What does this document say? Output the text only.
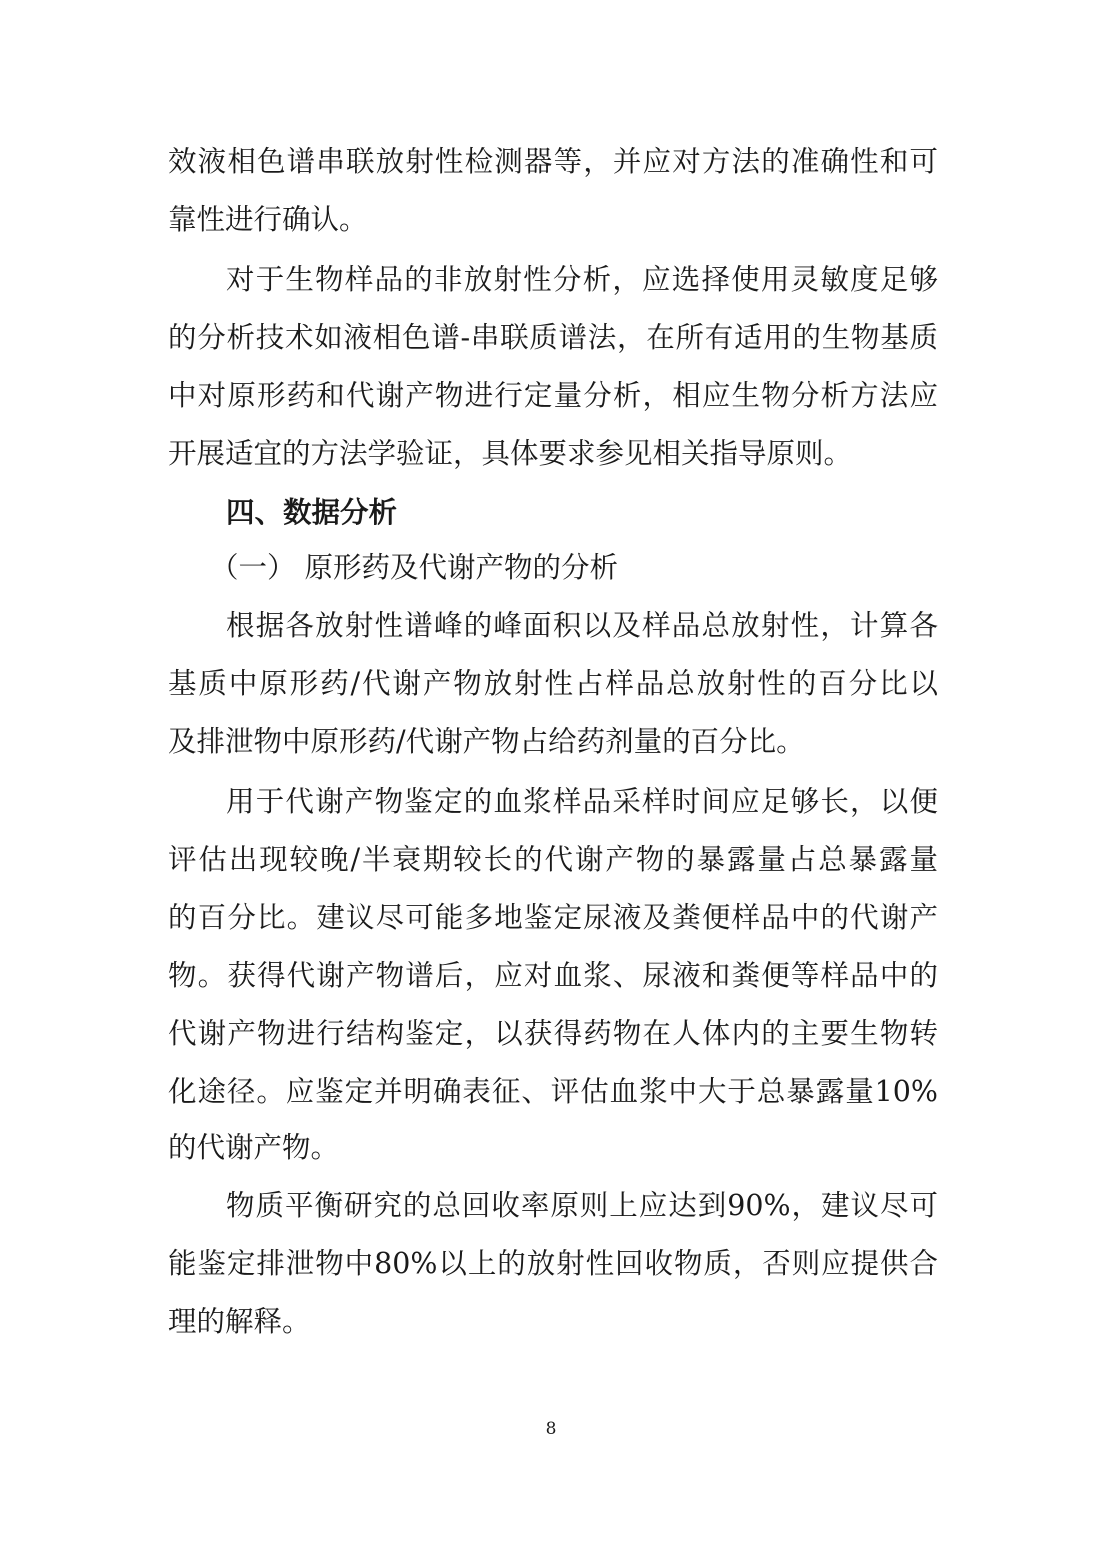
效液相色谱串联放射性检测器等，并应对方法的准确性和可
靠性进行确认。
对于生物样品的非放射性分析，应选择使用灵敏度足够
的分析技术如液相色谱-串联质谱法，在所有适用的生物基质
中对原形药和代谢产物进行定量分析，相应生物分析方法应
开展适宜的方法学验证，具体要求参见相关指导原则。
四、数据分析
（一） 原形药及代谢产物的分析
根据各放射性谱峰的峰面积以及样品总放射性，计算各
基质中原形药/代谢产物放射性占样品总放射性的百分比以
及排泄物中原形药/代谢产物占给药剂量的百分比。
用于代谢产物鉴定的血浆样品采样时间应足够长，以便
评估出现较晚/半衰期较长的代谢产物的暴露量占总暴露量
的百分比。建议尽可能多地鉴定尿液及粪便样品中的代谢产
物。获得代谢产物谱后，应对血浆、尿液和粪便等样品中的
代谢产物进行结构鉴定，以获得药物在人体内的主要生物转
化途径。应鉴定并明确表征、评估血浆中大于总暴露量10%
的代谢产物。
物质平衡研究的总回收率原则上应达到90%，建议尽可
能鉴定排泄物中80%以上的放射性回收物质，否则应提供合
理的解释。
8
